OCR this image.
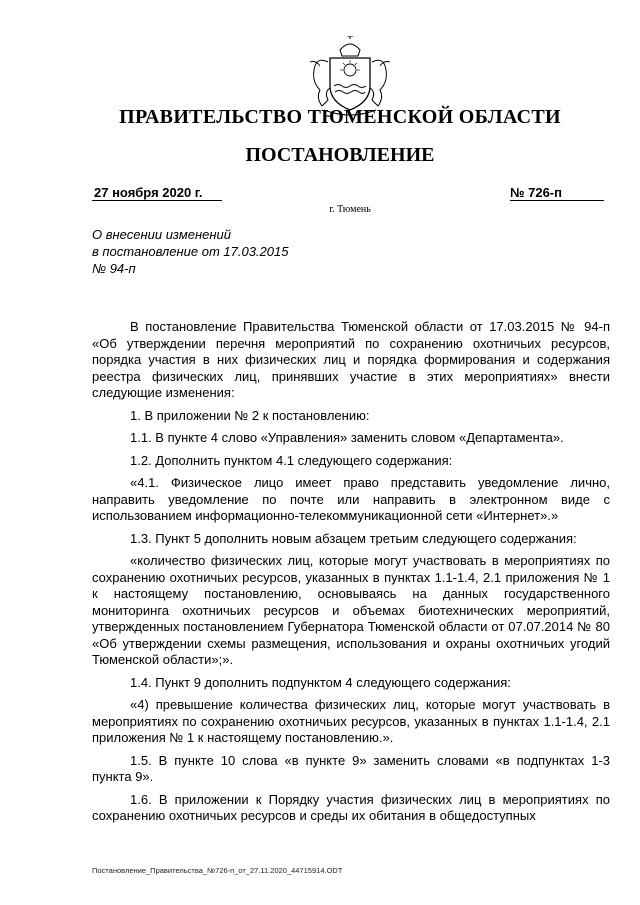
ПРАВИТЕЛЬСТВО ТЮМЕНСКОЙ ОБЛАСТИ
ПОСТАНОВЛЕНИЕ
27 ноября 2020 г.	№ 726-п
г. Тюмень
О внесении изменений
в постановление от 17.03.2015
№ 94-п

В постановление Правительства Тюменской области от 17.03.2015 № 94-п «Об утверждении перечня мероприятий по сохранению охотничьих ресурсов, порядка участия в них физических лиц и порядка формирования и содержания реестра физических лиц, принявших участие в этих мероприятиях» внести следующие изменения:

1. В приложении № 2 к постановлению:

1.1. В пункте 4 слово «Управления» заменить словом «Департамента».

1.2. Дополнить пунктом 4.1 следующего содержания:

«4.1. Физическое лицо имеет право представить уведомление лично, направить уведомление по почте или направить в электронном виде с использованием информационно-телекоммуникационной сети «Интернет».»

1.3. Пункт 5 дополнить новым абзацем третьим следующего содержания:

«количество физических лиц, которые могут участвовать в мероприятиях по сохранению охотничьих ресурсов, указанных в пунктах 1.1-1.4, 2.1 приложения № 1 к настоящему постановлению, основываясь на данных государственного мониторинга охотничьих ресурсов и объемах биотехнических мероприятий, утвержденных постановлением Губернатора Тюменской области от 07.07.2014 № 80 «Об утверждении схемы размещения, использования и охраны охотничьих угодий Тюменской области»;».

1.4. Пункт 9 дополнить подпунктом 4 следующего содержания:

«4) превышение количества физических лиц, которые могут участвовать в мероприятиях по сохранению охотничьих ресурсов, указанных в пунктах 1.1-1.4, 2.1 приложения № 1 к настоящему постановлению.».

1.5. В пункте 10 слова «в пункте 9» заменить словами «в подпунктах 1-3 пункта 9».

1.6. В приложении к Порядку участия физических лиц в мероприятиях по сохранению охотничьих ресурсов и среды их обитания в общедоступных

Постановление_Правительства_№726-п_от_27.11.2020_44715914.ODT
